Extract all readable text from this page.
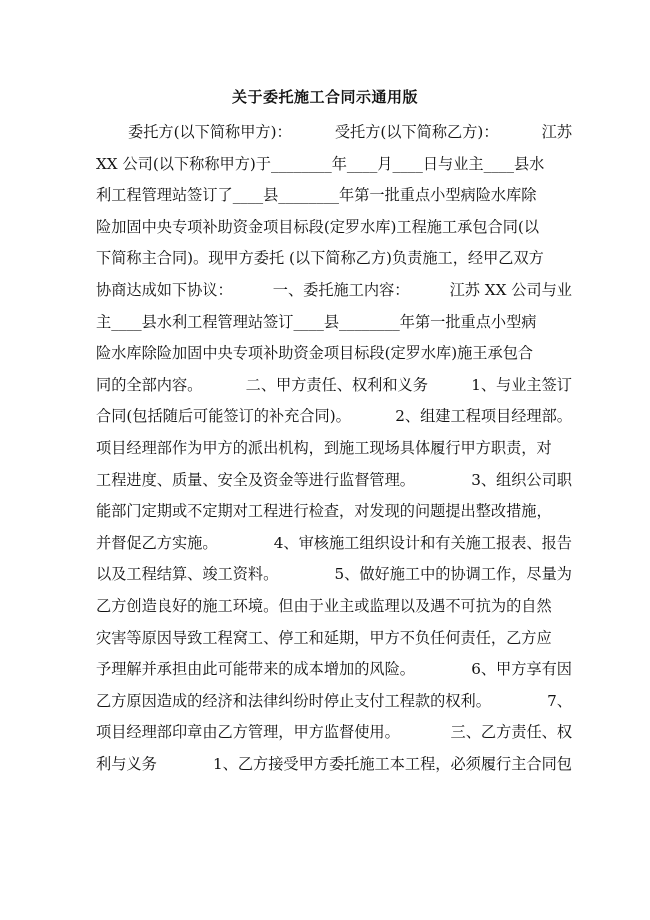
关于委托施工合同示通用版
委托方(以下简称甲方)：	受托方(以下简称乙方)：	江苏
XX 公司(以下称称甲方)于________年____月____日与业主____县水
利工程管理站签订了____县________年第一批重点小型病险水库除
险加固中央专项补助资金项目标段(定罗水库)工程施工承包合同(以
下简称主合同)。现甲方委托 (以下简称乙方)负责施工，经甲乙双方
协商达成如下协议：	一、委托施工内容：	江苏 XX 公司与业
主____县水利工程管理站签订____县________年第一批重点小型病
险水库除险加固中央专项补助资金项目标段(定罗水库)施王承包合
同的全部内容。	二、甲方责任、权利和义务	1、与业主签订
合同(包括随后可能签订的补充合同)。	2、组建工程项目经理部。
项目经理部作为甲方的派出机构，到施工现场具体履行甲方职责，对
工程进度、质量、安全及资金等进行监督管理。	3、组织公司职
能部门定期或不定期对工程进行检查，对发现的问题提出整改措施，
并督促乙方实施。	4、审核施工组织设计和有关施工报表、报告
以及工程结算、竣工资料。	5、做好施工中的协调工作，尽量为
乙方创造良好的施工环境。但由于业主或监理以及遇不可抗为的自然
灾害等原因导致工程窝工、停工和延期，甲方不负任何责任，乙方应
予理解并承担由此可能带来的成本增加的风险。	6、甲方享有因
乙方原因造成的经济和法律纠纷时停止支付工程款的权利。	7、
项目经理部印章由乙方管理，甲方监督使用。	三、乙方责任、权
利与义务	1、乙方接受甲方委托施工本工程，必须履行主合同包
